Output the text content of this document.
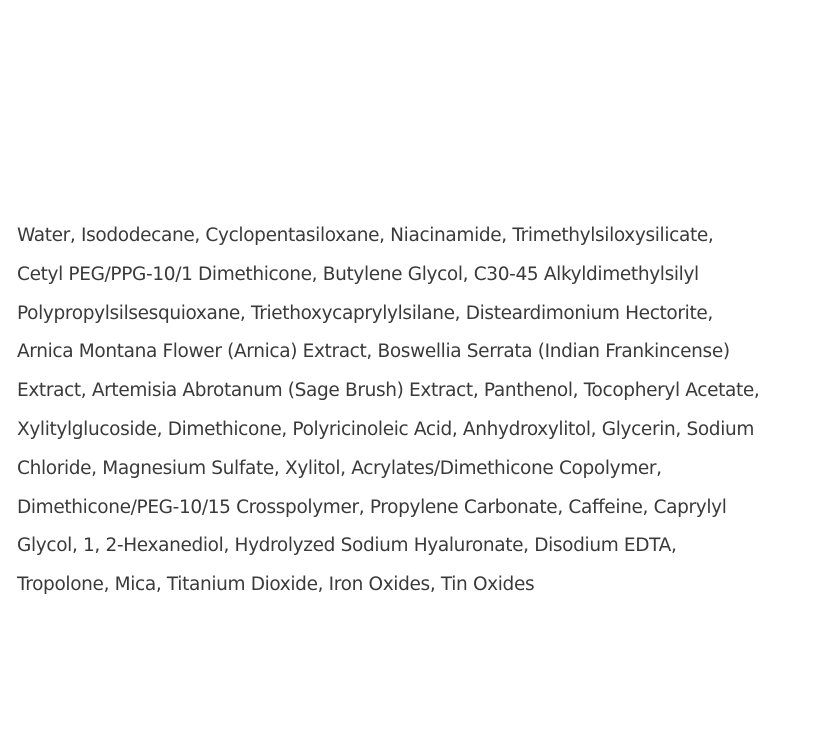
Water, Isododecane, Cyclopentasiloxane, Niacinamide, Trimethylsiloxysilicate,
Cetyl PEG/PPG-10/1 Dimethicone, Butylene Glycol, C30-45 Alkyldimethylsilyl
Polypropylsilsesquioxane, Triethoxycaprylylsilane, Disteardimonium Hectorite,
Arnica Montana Flower (Arnica) Extract, Boswellia Serrata (Indian Frankincense)
Extract, Artemisia Abrotanum (Sage Brush) Extract, Panthenol, Tocopheryl Acetate,
Xylitylglucoside, Dimethicone, Polyricinoleic Acid, Anhydroxylitol, Glycerin, Sodium
Chloride, Magnesium Sulfate, Xylitol, Acrylates/Dimethicone Copolymer,
Dimethicone/PEG-10/15 Crosspolymer, Propylene Carbonate, Caffeine, Caprylyl
Glycol, 1, 2-Hexanediol, Hydrolyzed Sodium Hyaluronate, Disodium EDTA,
Tropolone, Mica, Titanium Dioxide, Iron Oxides, Tin Oxides
